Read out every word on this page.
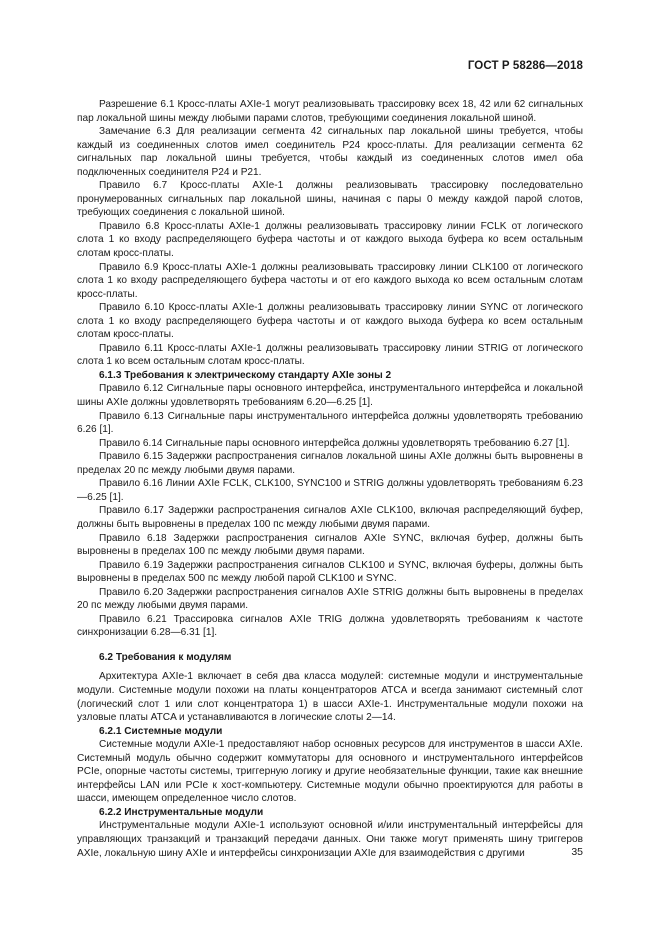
ГОСТ Р 58286—2018

Разрешение 6.1 Кросс-платы AXIe-1 могут реализовывать трассировку всех 18, 42 или 62 сигнальных пар локальной шины между любыми парами слотов, требующими соединения локальной шиной.

Замечание 6.3 Для реализации сегмента 42 сигнальных пар локальной шины требуется, чтобы каждый из соединенных слотов имел соединитель P24 кросс-платы. Для реализации сегмента 62 сигнальных пар локальной шины требуется, чтобы каждый из соединенных слотов имел оба подключенных соединителя P24 и P21.

Правило 6.7 Кросс-платы AXIe-1 должны реализовывать трассировку последовательно пронумерованных сигнальных пар локальной шины, начиная с пары 0 между каждой парой слотов, требующих соединения с локальной шиной.

Правило 6.8 Кросс-платы AXIe-1 должны реализовывать трассировку линии FCLK от логического слота 1 ко входу распределяющего буфера частоты и от каждого выхода буфера ко всем остальным слотам кросс-платы.

Правило 6.9 Кросс-платы AXIe-1 должны реализовывать трассировку линии CLK100 от логического слота 1 ко входу распределяющего буфера частоты и от его каждого выхода ко всем остальным слотам кросс-платы.

Правило 6.10 Кросс-платы AXIe-1 должны реализовывать трассировку линии SYNC от логического слота 1 ко входу распределяющего буфера частоты и от каждого выхода буфера ко всем остальным слотам кросс-платы.

Правило 6.11 Кросс-платы AXIe-1 должны реализовывать трассировку линии STRIG от логического слота 1 ко всем остальным слотам кросс-платы.

6.1.3 Требования к электрическому стандарту AXIe зоны 2

Правило 6.12 Сигнальные пары основного интерфейса, инструментального интерфейса и локальной шины AXIe должны удовлетворять требованиям 6.20—6.25 [1].

Правило 6.13 Сигнальные пары инструментального интерфейса должны удовлетворять требованию 6.26 [1].

Правило 6.14 Сигнальные пары основного интерфейса должны удовлетворять требованию 6.27 [1].

Правило 6.15 Задержки распространения сигналов локальной шины AXIe должны быть выровнены в пределах 20 пс между любыми двумя парами.

Правило 6.16 Линии AXIe FCLK, CLK100, SYNC100 и STRIG должны удовлетворять требованиям 6.23—6.25 [1].

Правило 6.17 Задержки распространения сигналов AXIe CLK100, включая распределяющий буфер, должны быть выровнены в пределах 100 пс между любыми двумя парами.

Правило 6.18 Задержки распространения сигналов AXIe SYNC, включая буфер, должны быть выровнены в пределах 100 пс между любыми двумя парами.

Правило 6.19 Задержки распространения сигналов CLK100 и SYNC, включая буферы, должны быть выровнены в пределах 500 пс между любой парой CLK100 и SYNC.

Правило 6.20 Задержки распространения сигналов AXIe STRIG должны быть выровнены в пределах 20 пс между любыми двумя парами.

Правило 6.21 Трассировка сигналов AXIe TRIG должна удовлетворять требованиям к частоте синхронизации 6.28—6.31 [1].

6.2 Требования к модулям

Архитектура AXIe-1 включает в себя два класса модулей: системные модули и инструментальные модули. Системные модули похожи на платы концентраторов ATCA и всегда занимают системный слот (логический слот 1 или слот концентратора 1) в шасси AXIe-1. Инструментальные модули похожи на узловые платы ATCA и устанавливаются в логические слоты 2—14.

6.2.1 Системные модули

Системные модули AXIe-1 предоставляют набор основных ресурсов для инструментов в шасси AXIe. Системный модуль обычно содержит коммутаторы для основного и инструментального интерфейсов PCIe, опорные частоты системы, триггерную логику и другие необязательные функции, такие как внешние интерфейсы LAN или PCIe к хост-компьютеру. Системные модули обычно проектируются для работы в шасси, имеющем определенное число слотов.

6.2.2 Инструментальные модули

Инструментальные модули AXIe-1 используют основной и/или инструментальный интерфейсы для управляющих транзакций и транзакций передачи данных. Они также могут применять шину триггеров AXIe, локальную шину AXIe и интерфейсы синхронизации AXIe для взаимодействия с другими	35
